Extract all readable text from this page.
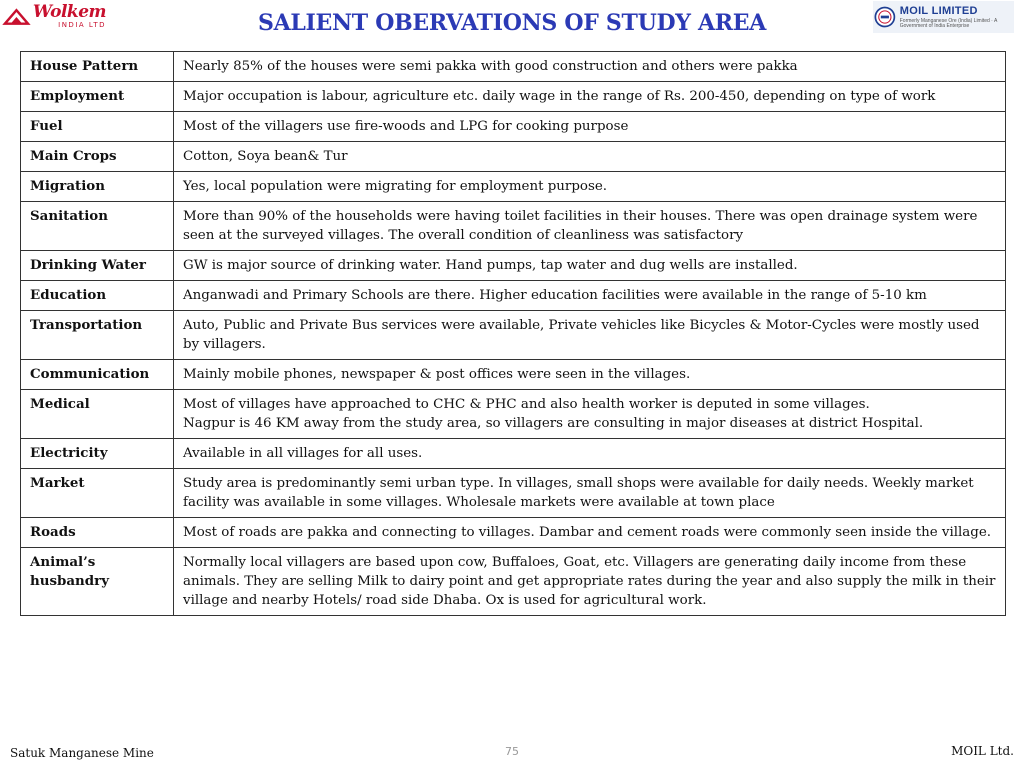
Wolkem
INDIA LTD	SALIENT OBERVATIONS OF STUDY AREA	MOIL LIMITED
Formerly Manganese Ore (India) Limited · A Government of India Enterprise
House Pattern	Nearly 85% of the houses were semi pakka with good construction and others were pakka
Employment	Major occupation is labour, agriculture etc. daily wage in the range of Rs. 200-450, depending on type of work
Fuel	Most of the villagers use fire-woods and LPG for cooking purpose
Main Crops	Cotton, Soya bean& Tur
Migration	Yes, local population were migrating for employment purpose.
Sanitation	More than 90% of the households were having toilet facilities in their houses. There was open drainage system were seen at the surveyed villages. The overall condition of cleanliness was satisfactory
Drinking Water	GW is major source of drinking water. Hand pumps, tap water and dug wells are installed.
Education	Anganwadi and Primary Schools are there. Higher education facilities were available in the range of 5-10 km
Transportation	Auto, Public and Private Bus services were available, Private vehicles like Bicycles & Motor-Cycles were mostly used by villagers.
Communication	Mainly mobile phones, newspaper & post offices were seen in the villages.
Medical	Most of villages have approached to CHC & PHC and also health worker is deputed in some villages.
Nagpur is 46 KM away from the study area, so villagers are consulting in major diseases at district Hospital.
Electricity	Available in all villages for all uses.
Market	Study area is predominantly semi urban type. In villages, small shops were available for daily needs. Weekly market facility was available in some villages. Wholesale markets were available at town place
Roads	Most of roads are pakka and connecting to villages. Dambar and cement roads were commonly seen inside the village.
Animal’s husbandry	Normally local villagers are based upon cow, Buffaloes, Goat, etc. Villagers are generating daily income from these animals. They are selling Milk to dairy point and get appropriate rates during the year and also supply the milk in their village and nearby Hotels/ road side Dhaba. Ox is used for agricultural work.
Satuk Manganese Mine	75	MOIL Ltd.
